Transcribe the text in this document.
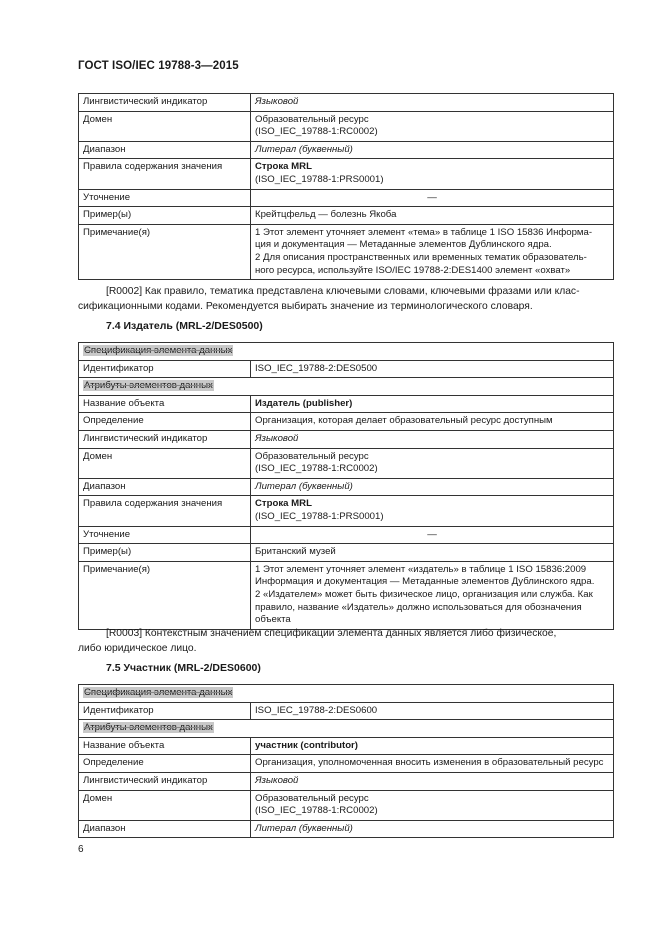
ГОСТ ISO/IEC 19788-3—2015
Лингвистический индикатор	Языковой
Домен	Образовательный ресурс
(ISO_IEC_19788-1:RC0002)
Диапазон	Литерал (буквенный)
Правила содержания значения	Строка MRL
(ISO_IEC_19788-1:PRS0001)
Уточнение	—
Пример(ы)	Крейтцфельд — болезнь Якоба
Примечание(я)	1 Этот элемент уточняет элемент «тема» в таблице 1 ISO 15836 Информа-
ция и документация — Метаданные элементов Дублинского ядра.
2 Для описания пространственных или временных тематик образователь-
ного ресурса, используйте ISO/IEC 19788-2:DES1400 элемент «охват»
[R0002] Как правило, тематика представлена ключевыми словами, ключевыми фразами или клас-
сификационными кодами. Рекомендуется выбирать значение из терминологического словаря.
7.4 Издатель (MRL-2/DES0500)
Спецификация элемента данных	
Идентификатор	ISO_IEC_19788-2:DES0500
Атрибуты элементов данных	
Название объекта	Издатель (publisher)
Определение	Организация, которая делает образовательный ресурс доступным
Лингвистический индикатор	Языковой
Домен	Образовательный ресурс
(ISO_IEC_19788-1:RC0002)
Диапазон	Литерал (буквенный)
Правила содержания значения	Строка MRL
(ISO_IEC_19788-1:PRS0001)
Уточнение	—
Пример(ы)	Британский музей
Примечание(я)	1 Этот элемент уточняет элемент «издатель» в таблице 1 ISO 15836:2009
Информация и документация — Метаданные элементов Дублинского ядра.
2 «Издателем» может быть физическое лицо, организация или служба. Как
правило, название «Издатель» должно использоваться для обозначения
объекта
[R0003] Контекстным значением спецификации элемента данных является либо физическое,
либо юридическое лицо.
7.5 Участник (MRL-2/DES0600)
Спецификация элемента данных	
Идентификатор	ISO_IEC_19788-2:DES0600
Атрибуты элементов данных	
Название объекта	участник (contributor)
Определение	Организация, уполномоченная вносить изменения в образовательный ресурс
Лингвистический индикатор	Языковой
Домен	Образовательный ресурс
(ISO_IEC_19788-1:RC0002)
Диапазон	Литерал (буквенный)
6
